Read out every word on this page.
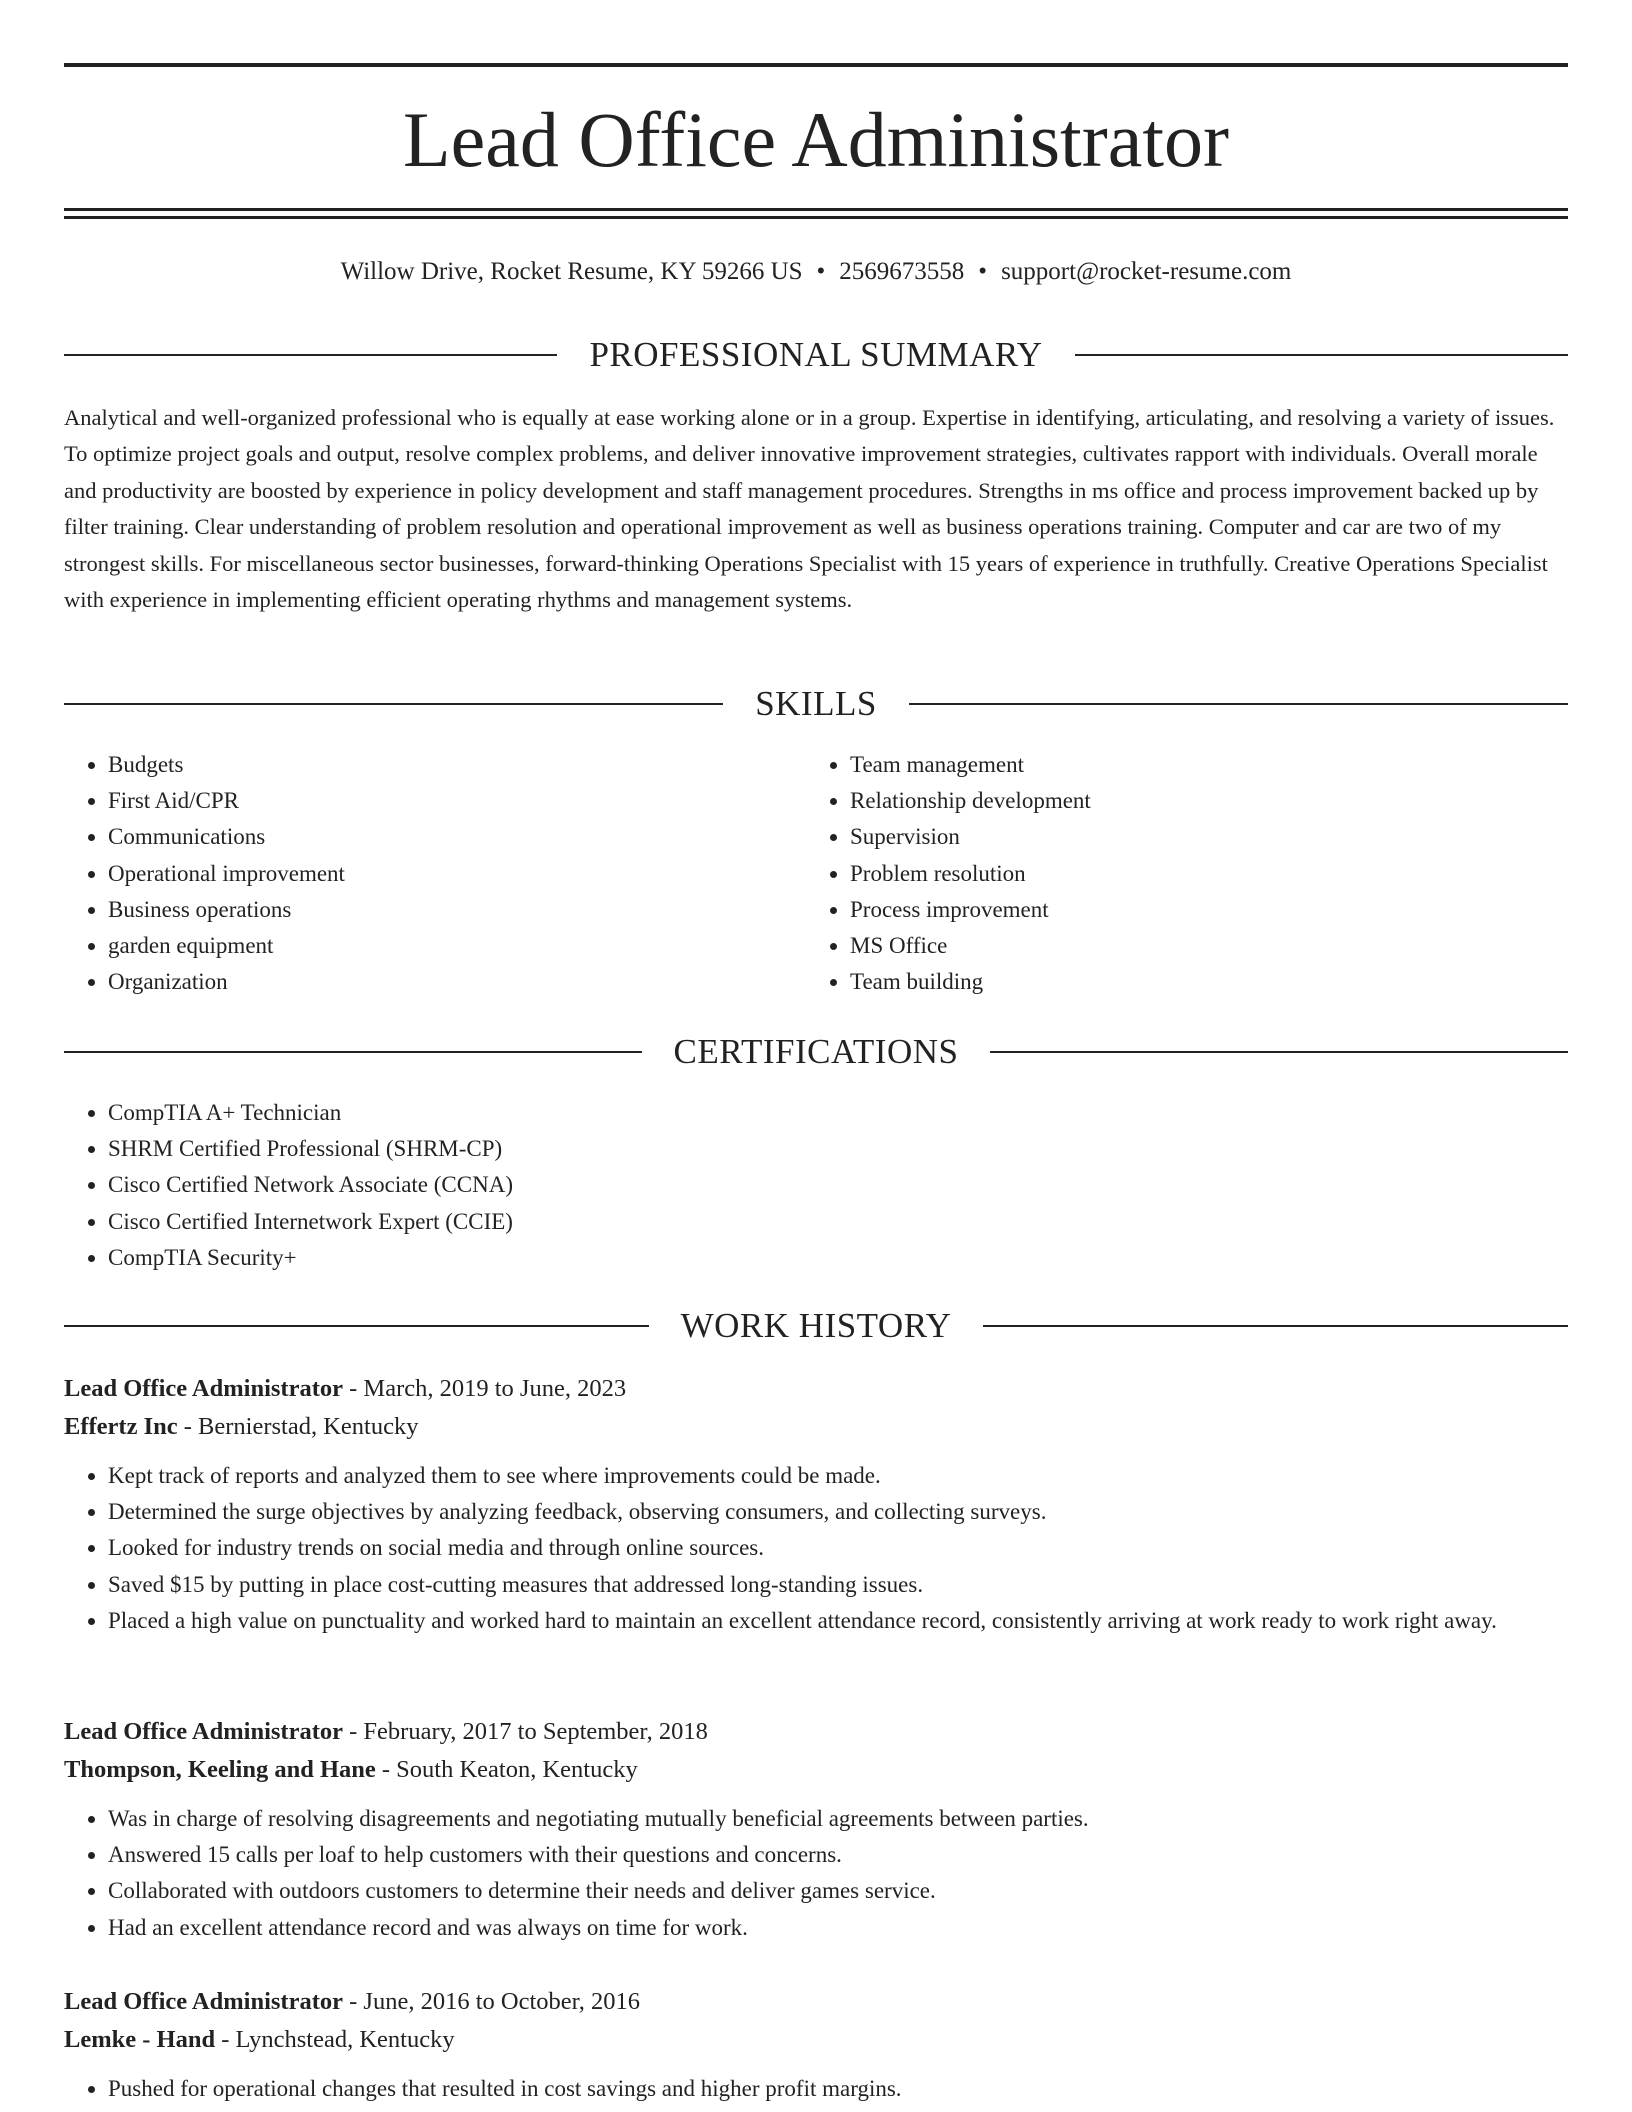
Lead Office Administrator
Willow Drive, Rocket Resume, KY 59266 US • 2569673558 • support@rocket-resume.com
PROFESSIONAL SUMMARY

Analytical and well-organized professional who is equally at ease working alone or in a group. Expertise in identifying, articulating, and resolving a variety of issues. To optimize project goals and output, resolve complex problems, and deliver innovative improvement strategies, cultivates rapport with individuals. Overall morale and productivity are boosted by experience in policy development and staff management procedures. Strengths in ms office and process improvement backed up by filter training. Clear understanding of problem resolution and operational improvement as well as business operations training. Computer and car are two of my strongest skills. For miscellaneous sector businesses, forward-thinking Operations Specialist with 15 years of experience in truthfully. Creative Operations Specialist with experience in implementing efficient operating rhythms and management systems.

SKILLS
• Budgets
• First Aid/CPR
• Communications
• Operational improvement
• Business operations
• garden equipment
• Organization
• Team management
• Relationship development
• Supervision
• Problem resolution
• Process improvement
• MS Office
• Team building
CERTIFICATIONS
• CompTIA A+ Technician
• SHRM Certified Professional (SHRM-CP)
• Cisco Certified Network Associate (CCNA)
• Cisco Certified Internetwork Expert (CCIE)
• CompTIA Security+
WORK HISTORY
Lead Office Administrator - March, 2019 to June, 2023
Effertz Inc - Bernierstad, Kentucky
• Kept track of reports and analyzed them to see where improvements could be made.
• Determined the surge objectives by analyzing feedback, observing consumers, and collecting surveys.
• Looked for industry trends on social media and through online sources.
• Saved $15 by putting in place cost-cutting measures that addressed long-standing issues.
• Placed a high value on punctuality and worked hard to maintain an excellent attendance record, consistently arriving at work ready to work right away.
Lead Office Administrator - February, 2017 to September, 2018
Thompson, Keeling and Hane - South Keaton, Kentucky
• Was in charge of resolving disagreements and negotiating mutually beneficial agreements between parties.
• Answered 15 calls per loaf to help customers with their questions and concerns.
• Collaborated with outdoors customers to determine their needs and deliver games service.
• Had an excellent attendance record and was always on time for work.
Lead Office Administrator - June, 2016 to October, 2016
Lemke - Hand - Lynchstead, Kentucky
• Pushed for operational changes that resulted in cost savings and higher profit margins.
